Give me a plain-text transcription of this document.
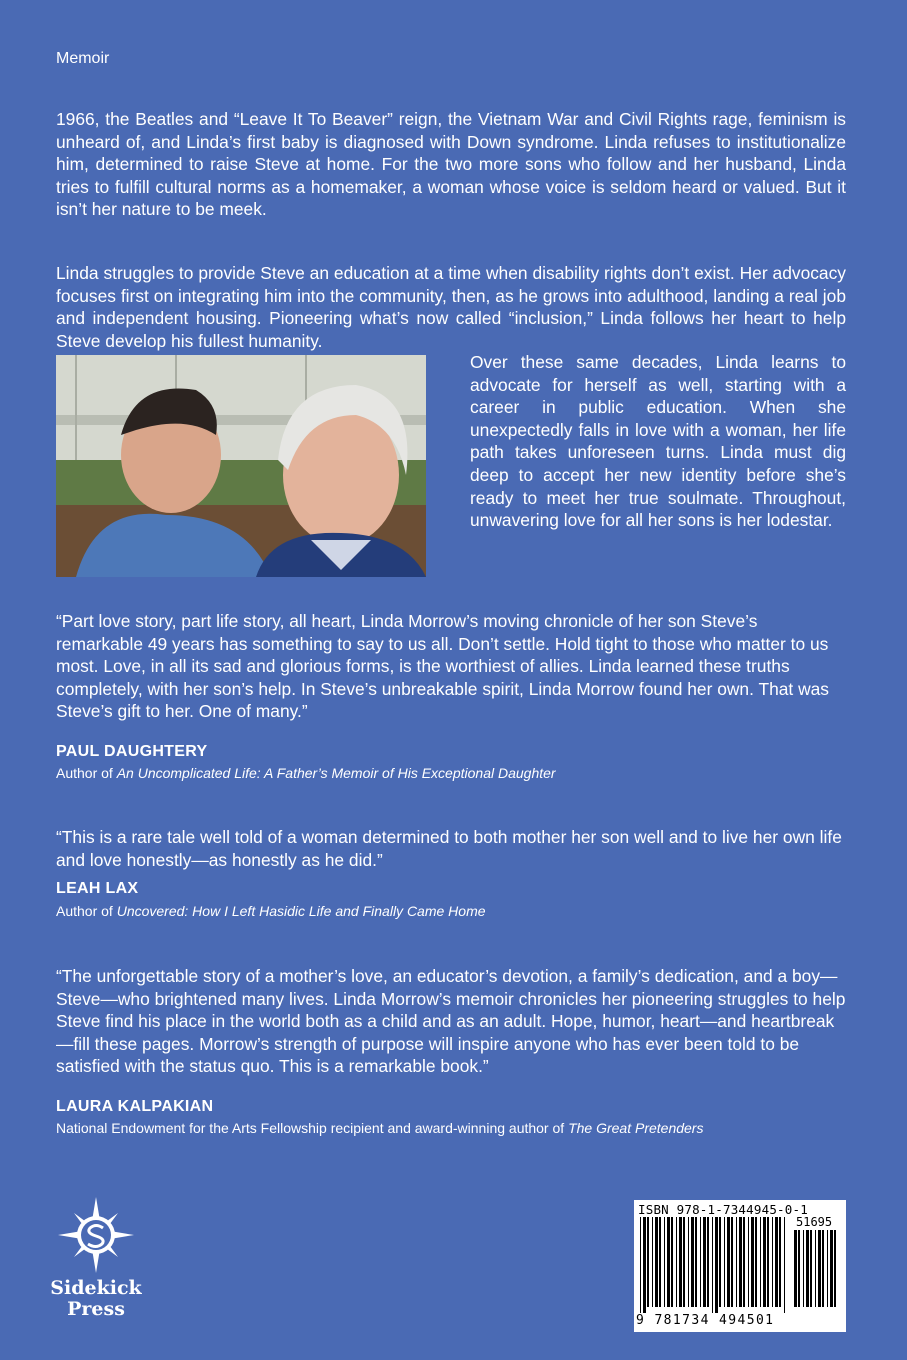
Memoir

1966, the Beatles and “Leave It To Beaver” reign, the Vietnam War and Civil Rights rage, feminism is unheard of, and Linda’s first baby is diagnosed with Down syndrome. Linda refuses to institutionalize him, determined to raise Steve at home. For the two more sons who follow and her husband, Linda tries to fulfill cultural norms as a homemaker, a woman whose voice is seldom heard or valued. But it isn’t her nature to be meek.

Linda struggles to provide Steve an education at a time when disability rights don’t exist. Her advocacy focuses first on integrating him into the community, then, as he grows into adulthood, landing a real job and independent housing. Pioneering what’s now called “inclusion,” Linda follows her heart to help Steve develop his fullest humanity.

Over these same decades, Linda learns to advocate for herself as well, starting with a career in public education. When she unexpectedly falls in love with a woman, her life path takes unforeseen turns. Linda must dig deep to accept her new identity before she’s ready to meet her true soulmate. Throughout, unwavering love for all her sons is her lodestar.

“Part love story, part life story, all heart, Linda Morrow’s moving chronicle of her son Steve’s remarkable 49 years has something to say to us all. Don’t settle. Hold tight to those who matter to us most. Love, in all its sad and glorious forms, is the worthiest of allies. Linda learned these truths completely, with her son’s help. In Steve’s unbreakable spirit, Linda Morrow found her own. That was Steve’s gift to her. One of many.”

PAUL DAUGHTERY
Author of An Uncomplicated Life: A Father’s Memoir of His Exceptional Daughter

“This is a rare tale well told of a woman determined to both mother her son well and to live her own life and love honestly—as honestly as he did.”

LEAH LAX
Author of Uncovered: How I Left Hasidic Life and Finally Came Home

“The unforgettable story of a mother’s love, an educator’s devotion, a family’s dedication, and a boy—Steve—who brightened many lives. Linda Morrow’s memoir chronicles her pioneering struggles to help Steve find his place in the world both as a child and as an adult. Hope, humor, heart—and heartbreak—fill these pages. Morrow’s strength of purpose will inspire anyone who has ever been told to be satisfied with the status quo. This is a remarkable book.”

LAURA KALPAKIAN
National Endowment for the Arts Fellowship recipient and award-winning author of The Great Pretenders
Sidekick
Press
ISBN 978-1-7344945-0-1
51695
9 781734 494501
